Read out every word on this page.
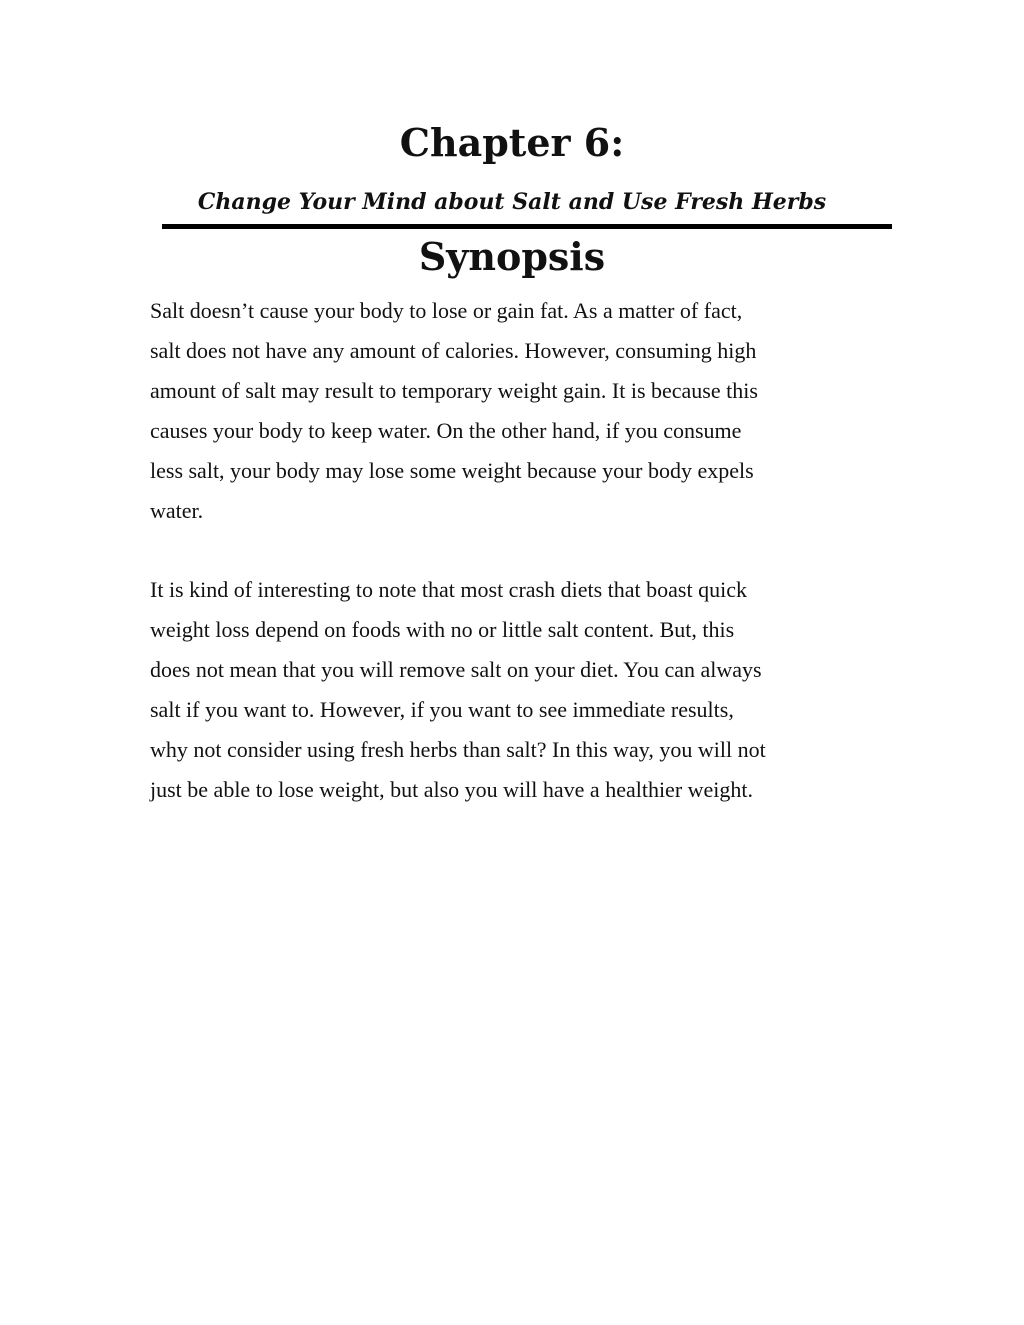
Chapter 6:

Change Your Mind about Salt and Use Fresh Herbs

Synopsis

Salt doesn’t cause your body to lose or gain fat. As a matter of fact,
salt does not have any amount of calories. However, consuming high
amount of salt may result to temporary weight gain. It is because this
causes your body to keep water. On the other hand, if you consume
less salt, your body may lose some weight because your body expels
water.

It is kind of interesting to note that most crash diets that boast quick
weight loss depend on foods with no or little salt content. But, this
does not mean that you will remove salt on your diet. You can always
salt if you want to. However, if you want to see immediate results,
why not consider using fresh herbs than salt? In this way, you will not
just be able to lose weight, but also you will have a healthier weight.
